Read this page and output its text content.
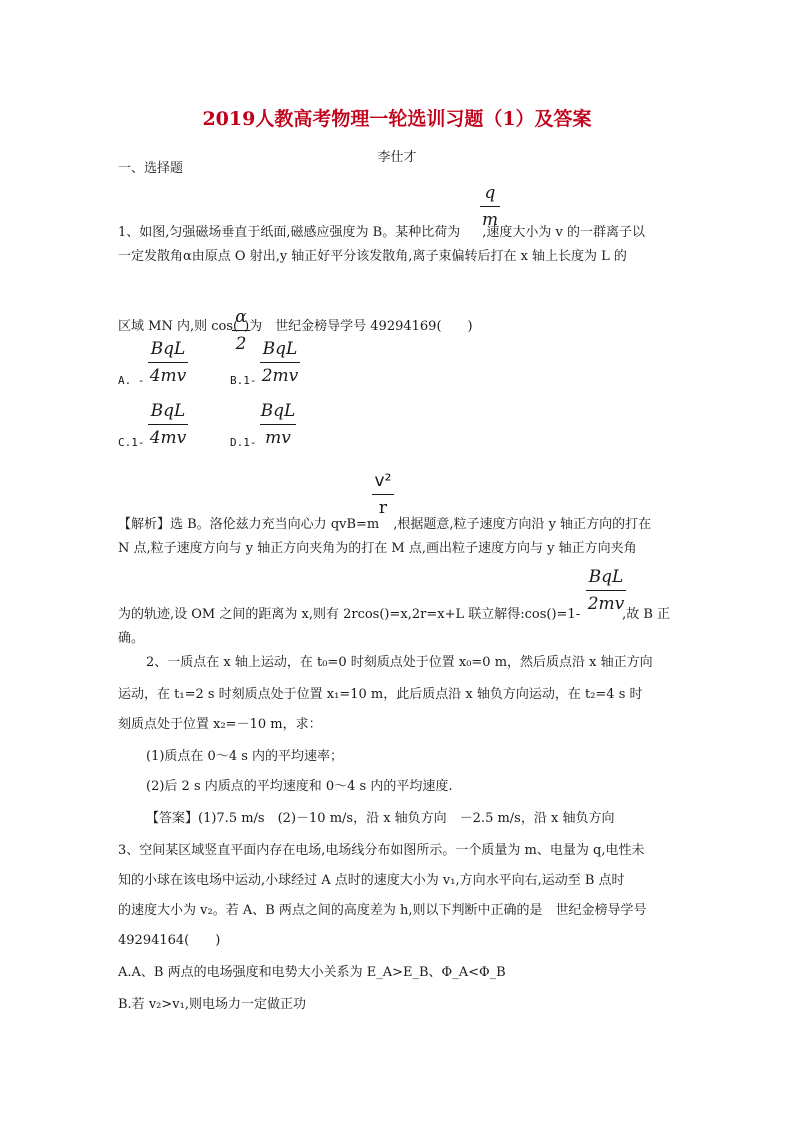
2019人教高考物理一轮选训习题（1）及答案
李仕才
一、选择题
q
m
1、如图,匀强磁场垂直于纸面,磁感应强度为 B。某种比荷为 ,速度大小为 v 的一群离子以
一定发散角α由原点 O 射出,y 轴正好平分该发散角,离子束偏转后打在 x 轴上长度为 L 的
α
2
区域 MN 内,则 cos( )为　世纪金榜导学号 49294169(　　)
BqL
4mv
A. -
BqL
2mv
B.1-
BqL
4mv
C.1-
BqL
mv
D.1-
v²
r
【解析】选 B。洛伦兹力充当向心力 qvB=m ,根据题意,粒子速度方向沿 y 轴正方向的打在
N 点,粒子速度方向与 y 轴正方向夹角为的打在 M 点,画出粒子速度方向与 y 轴正方向夹角
BqL
2mv
为的轨迹,设 OM 之间的距离为 x,则有 2rcos()=x,2r=x+L 联立解得:cos()=1-	,故 B 正
确。
2、一质点在 x 轴上运动，在 t₀=0 时刻质点处于位置 x₀=0 m，然后质点沿 x 轴正方向
运动，在 t₁=2 s 时刻质点处于位置 x₁=10 m，此后质点沿 x 轴负方向运动，在 t₂=4 s 时
刻质点处于位置 x₂=－10 m，求：
(1)质点在 0～4 s 内的平均速率；
(2)后 2 s 内质点的平均速度和 0～4 s 内的平均速度.
【答案】(1)7.5 m/s　(2)－10 m/s，沿 x 轴负方向　－2.5 m/s，沿 x 轴负方向
3、空间某区域竖直平面内存在电场,电场线分布如图所示。一个质量为 m、电量为 q,电性未
知的小球在该电场中运动,小球经过 A 点时的速度大小为 v₁,方向水平向右,运动至 B 点时
的速度大小为 v₂。若 A、B 两点之间的高度差为 h,则以下判断中正确的是　世纪金榜导学号
49294164(　　)
A.A、B 两点的电场强度和电势大小关系为 E_A>E_B、Φ_A<Φ_B
B.若 v₂>v₁,则电场力一定做正功
